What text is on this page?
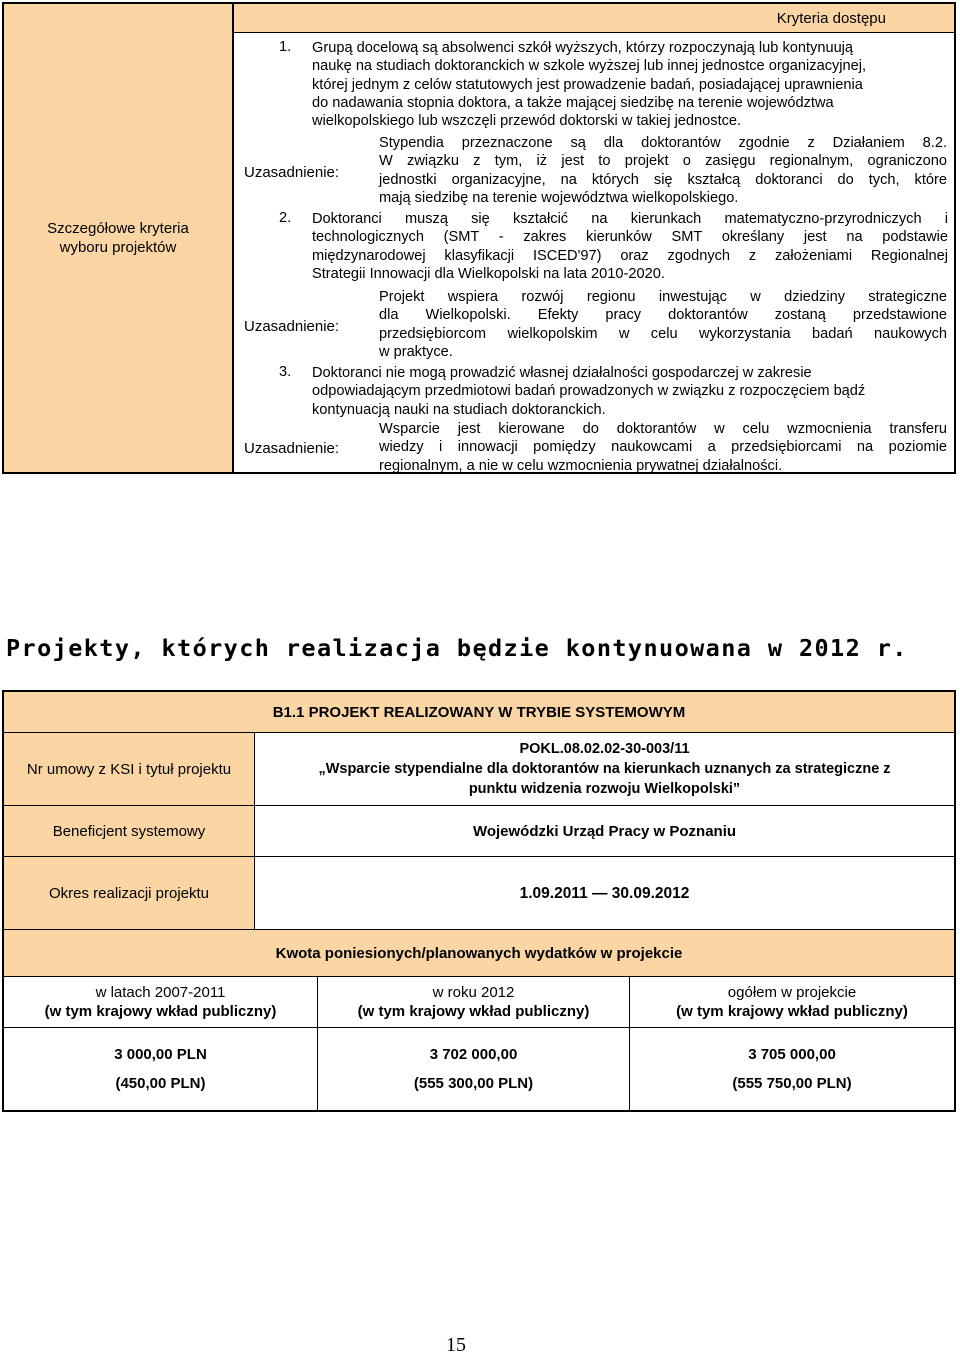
Szczegółowe kryteria
wyboru projektów
Kryteria dostępu
1. Grupą docelową są absolwenci szkół wyższych, którzy rozpoczynają lub kontynuują
naukę na studiach doktoranckich w szkole wyższej lub innej jednostce organizacyjnej,
której jednym z celów statutowych jest prowadzenie badań, posiadającej uprawnienia
do nadawania stopnia doktora, a także mającej siedzibę na terenie województwa
wielkopolskiego lub wszczęli przewód doktorski w takiej jednostce.
Uzasadnienie:
Stypendia przeznaczone są dla doktorantów zgodnie z Działaniem 8.2.
W związku z tym, iż jest to projekt o zasięgu regionalnym, ograniczono
jednostki organizacyjne, na których się kształcą doktoranci do tych, które
mają siedzibę na terenie województwa wielkopolskiego.
2. Doktoranci muszą się kształcić na kierunkach matematyczno-przyrodniczych i
technologicznych (SMT - zakres kierunków SMT określany jest na podstawie
międzynarodowej klasyfikacji ISCED'97) oraz zgodnych z założeniami Regionalnej
Strategii Innowacji dla Wielkopolski na lata 2010-2020.
Uzasadnienie:
Projekt wspiera rozwój regionu inwestując w dziedziny strategiczne
dla Wielkopolski. Efekty pracy doktorantów zostaną przedstawione
przedsiębiorcom wielkopolskim w celu wykorzystania badań naukowych
w praktyce.
3. Doktoranci nie mogą prowadzić własnej działalności gospodarczej w zakresie
odpowiadającym przedmiotowi badań prowadzonych w związku z rozpoczęciem bądź
kontynuacją nauki na studiach doktoranckich.
Uzasadnienie:
Wsparcie jest kierowane do doktorantów w celu wzmocnienia transferu
wiedzy i innowacji pomiędzy naukowcami a przedsiębiorcami na poziomie
regionalnym, a nie w celu wzmocnienia prywatnej działalności.
Projekty, których realizacja będzie kontynuowana w 2012 r.
B1.1 PROJEKT REALIZOWANY W TRYBIE SYSTEMOWYM
Nr umowy z KSI i tytuł projektu
POKL.08.02.02-30-003/11
„Wsparcie stypendialne dla doktorantów na kierunkach uznanych za strategiczne z
punktu widzenia rozwoju Wielkopolski”
Beneficjent systemowy	Wojewódzki Urząd Pracy w Poznaniu
Okres realizacji projektu	1.09.2011 — 30.09.2012
Kwota poniesionych/planowanych wydatków w projekcie
w latach 2007-2011
(w tym krajowy wkład publiczny)
w roku 2012
(w tym krajowy wkład publiczny)
ogółem w projekcie
(w tym krajowy wkład publiczny)
3 000,00 PLN
(450,00 PLN)
3 702 000,00
(555 300,00 PLN)
3 705 000,00
(555 750,00 PLN)
15
